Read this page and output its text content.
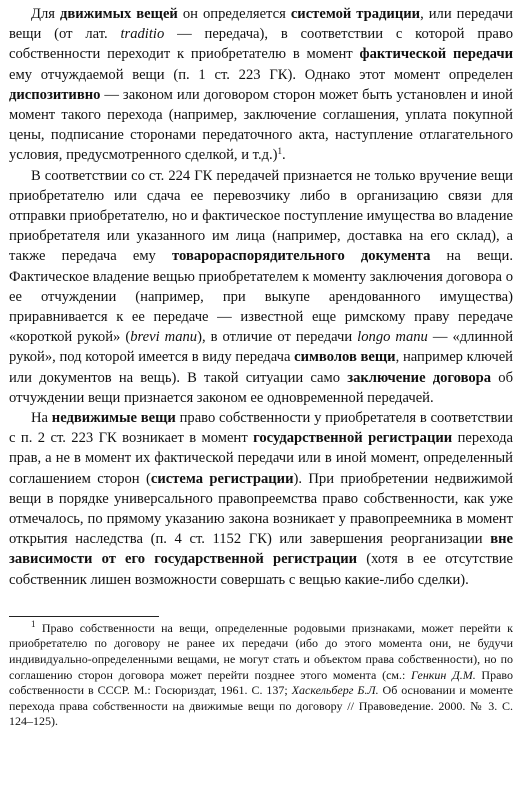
Для движимых вещей он определяется системой традиции, или передачи вещи (от лат. traditio — передача), в соответствии с которой право собственности переходит к приобретателю в момент фактической передачи ему отчуждаемой вещи (п. 1 ст. 223 ГК). Однако этот момент определен диспозитивно — законом или договором сторон может быть установлен и иной момент такого перехода (например, заключение соглашения, уплата покупной цены, подписание сторонами передаточного акта, наступление отлагательного условия, предусмотренного сделкой, и т.д.)$^1$.

В соответствии со ст. 224 ГК передачей признается не только вручение вещи приобретателю или сдача ее перевозчику либо в организацию связи для отправки приобретателю, но и фактическое поступление имущества во владение приобретателя или указанного им лица (например, доставка на его склад), а также передача ему товарораспорядительного документа на вещи. Фактическое владение вещью приобретателем к моменту заключения договора о ее отчуждении (например, при выкупе арендованного имущества) приравнивается к ее передаче — известной еще римскому праву передаче «короткой рукой» (brevi manu), в отличие от передачи longo manu — «длинной рукой», под которой имеется в виду передача символов вещи, например ключей или документов на вещь). В такой ситуации само заключение договора об отчуждении вещи признается законом ее одновременной передачей.

На недвижимые вещи право собственности у приобретателя в соответствии с п. 2 ст. 223 ГК возникает в момент государственной регистрации перехода прав, а не в момент их фактической передачи или в иной момент, определенный соглашением сторон (система регистрации). При приобретении недвижимой вещи в порядке универсального правопреемства право собственности, как уже отмечалось, по прямому указанию закона возникает у правопреемника в момент открытия наследства (п. 4 ст. 1152 ГК) или завершения реорганизации вне зависимости от его государственной регистрации (хотя в ее отсутствие собственник лишен возможности совершать с вещью какие-либо сделки).

$^1$ Право собственности на вещи, определенные родовыми признаками, может перейти к приобретателю по договору не ранее их передачи (ибо до этого момента они, не будучи индивидуально-определенными вещами, не могут стать и объектом права собственности), но по соглашению сторон договора может перейти позднее этого момента (см.: Генкин Д.М. Право собственности в СССР. М.: Госюриздат, 1961. С. 137; Хаскельберг Б.Л. Об основании и моменте перехода права собственности на движимые вещи по договору // Правоведение. 2000. № 3. С. 124–125).
